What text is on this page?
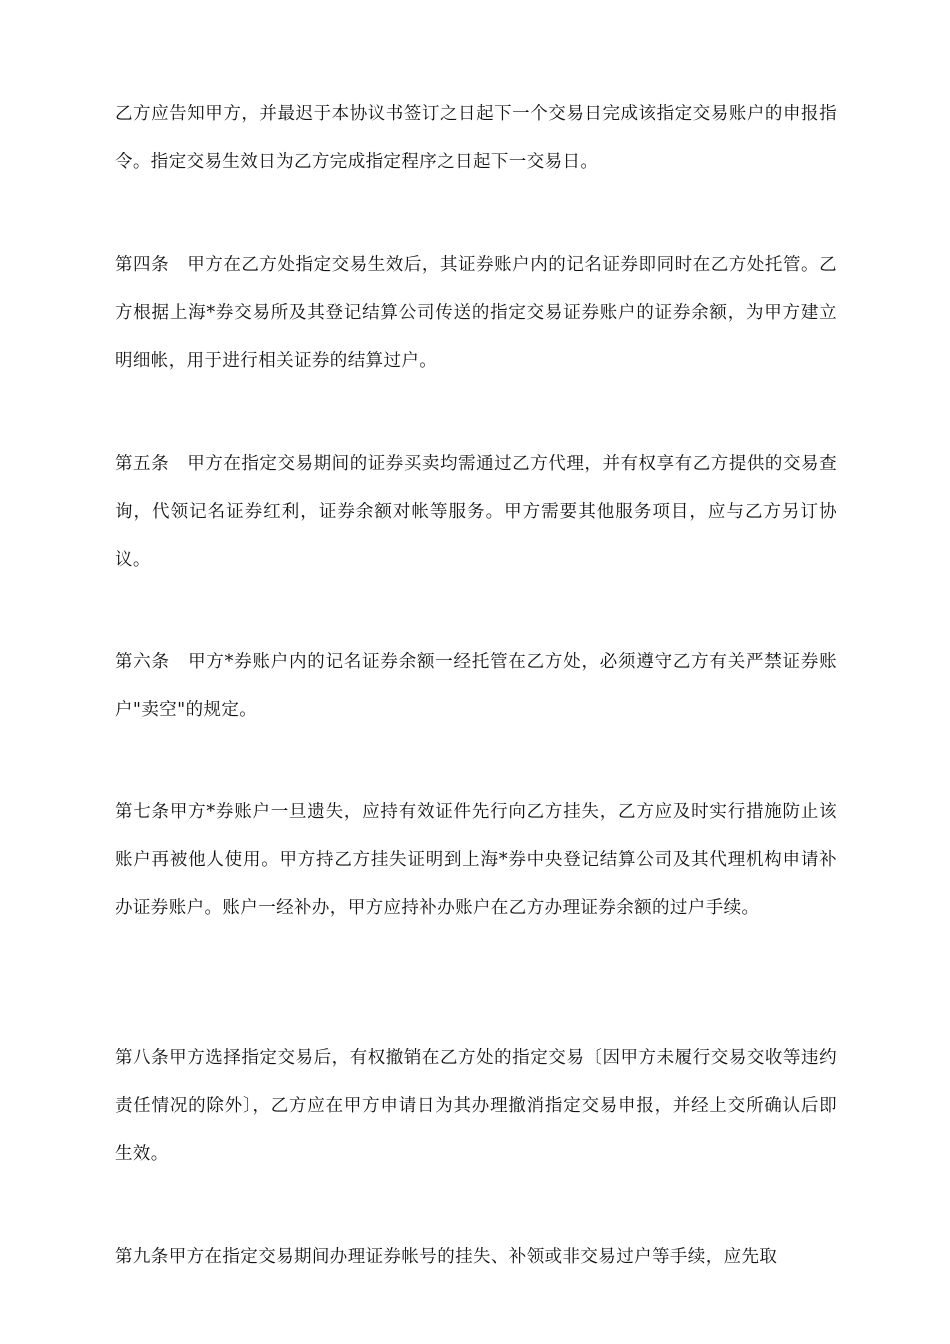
乙方应告知甲方，并最迟于本协议书签订之日起下一个交易日完成该指定交易账户的申报指令。指定交易生效日为乙方完成指定程序之日起下一交易日。

第四条　甲方在乙方处指定交易生效后，其证券账户内的记名证券即同时在乙方处托管。乙方根据上海*券交易所及其登记结算公司传送的指定交易证券账户的证券余额，为甲方建立明细帐，用于进行相关证券的结算过户。

第五条　甲方在指定交易期间的证券买卖均需通过乙方代理，并有权享有乙方提供的交易查询，代领记名证券红利，证券余额对帐等服务。甲方需要其他服务项目，应与乙方另订协议。

第六条　甲方*券账户内的记名证券余额一经托管在乙方处，必须遵守乙方有关严禁证券账户"卖空"的规定。

第七条甲方*券账户一旦遗失，应持有效证件先行向乙方挂失，乙方应及时实行措施防止该账户再被他人使用。甲方持乙方挂失证明到上海*券中央登记结算公司及其代理机构申请补办证券账户。账户一经补办，甲方应持补办账户在乙方办理证券余额的过户手续。

第八条甲方选择指定交易后，有权撤销在乙方处的指定交易〔因甲方未履行交易交收等违约责任情况的除外〕，乙方应在甲方申请日为其办理撤消指定交易申报，并经上交所确认后即生效。

第九条甲方在指定交易期间办理证券帐号的挂失、补领或非交易过户等手续，应先取
